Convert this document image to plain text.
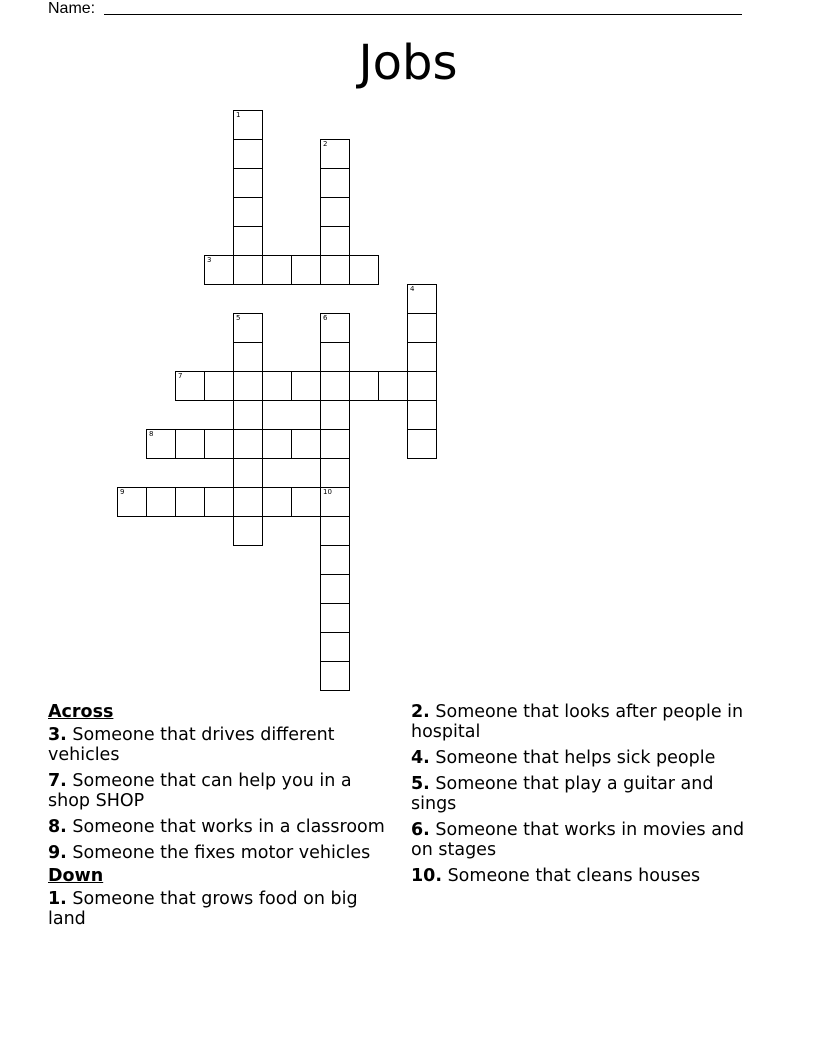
Name:
Jobs
1
2
3
4
5	6
7
8
9	10
Across
3. Someone that drives different vehicles
7. Someone that can help you in a shop SHOP
8. Someone that works in a classroom
9. Someone the fixes motor vehicles
Down
1. Someone that grows food on big land
2. Someone that looks after people in hospital
4. Someone that helps sick people
5. Someone that play a guitar and sings
6. Someone that works in movies and on stages
10. Someone that cleans houses
